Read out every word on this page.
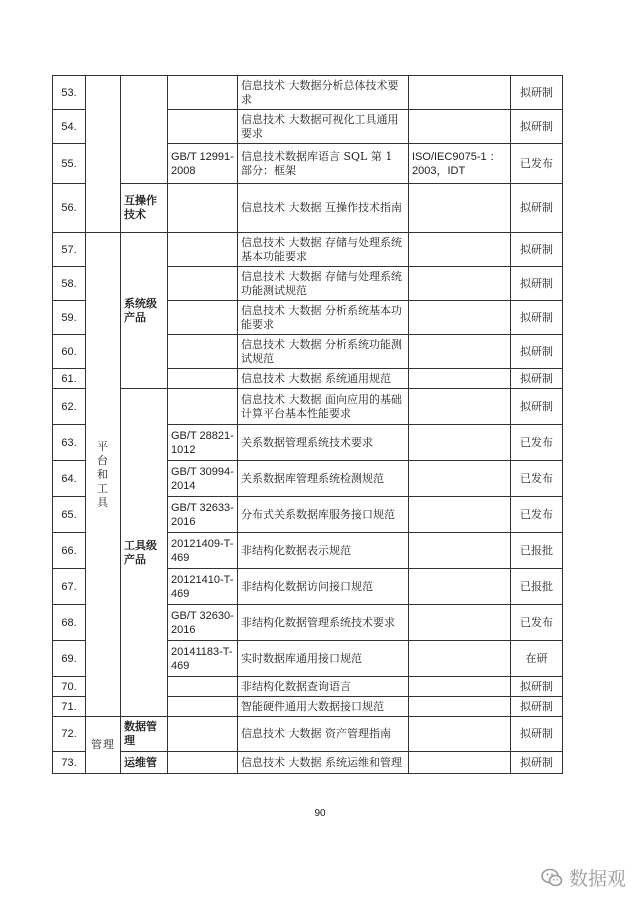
53.				信息技术 大数据分析总体技术要求		拟研制
54.				信息技术 大数据可视化工具通用要求		拟研制
55.			GB/T 12991-2008	信息技术数据库语言 SQL 第 1 部分：框架	ISO/IEC9075-1 ：2003，IDT	已发布
56.		互操作技术		信息技术 大数据 互操作技术指南		拟研制
57.	平 台 和 工 具	系统级产品		信息技术 大数据 存储与处理系统基本功能要求		拟研制
58.				信息技术 大数据 存储与处理系统功能测试规范		拟研制
59.				信息技术 大数据 分析系统基本功能要求		拟研制
60.				信息技术 大数据 分析系统功能测试规范		拟研制
61.				信息技术 大数据 系统通用规范		拟研制
62.		工具级产品		信息技术 大数据 面向应用的基础计算平台基本性能要求		拟研制
63.			GB/T 28821-1012	关系数据管理系统技术要求		已发布
64.			GB/T 30994-2014	关系数据库管理系统检测规范		已发布
65.			GB/T 32633-2016	分布式关系数据库服务接口规范		已发布
66.			20121409-T-469	非结构化数据表示规范		已报批
67.			20121410-T-469	非结构化数据访问接口规范		已报批
68.			GB/T 32630-2016	非结构化数据管理系统技术要求		已发布
69.			20141183-T-469	实时数据库通用接口规范		在研
70.				非结构化数据查询语言		拟研制
71.				智能硬件通用大数据接口规范		拟研制
72.	管理	数据管理		信息技术 大数据 资产管理指南		拟研制
73.		运维管		信息技术 大数据 系统运维和管理		拟研制
90
数据观
